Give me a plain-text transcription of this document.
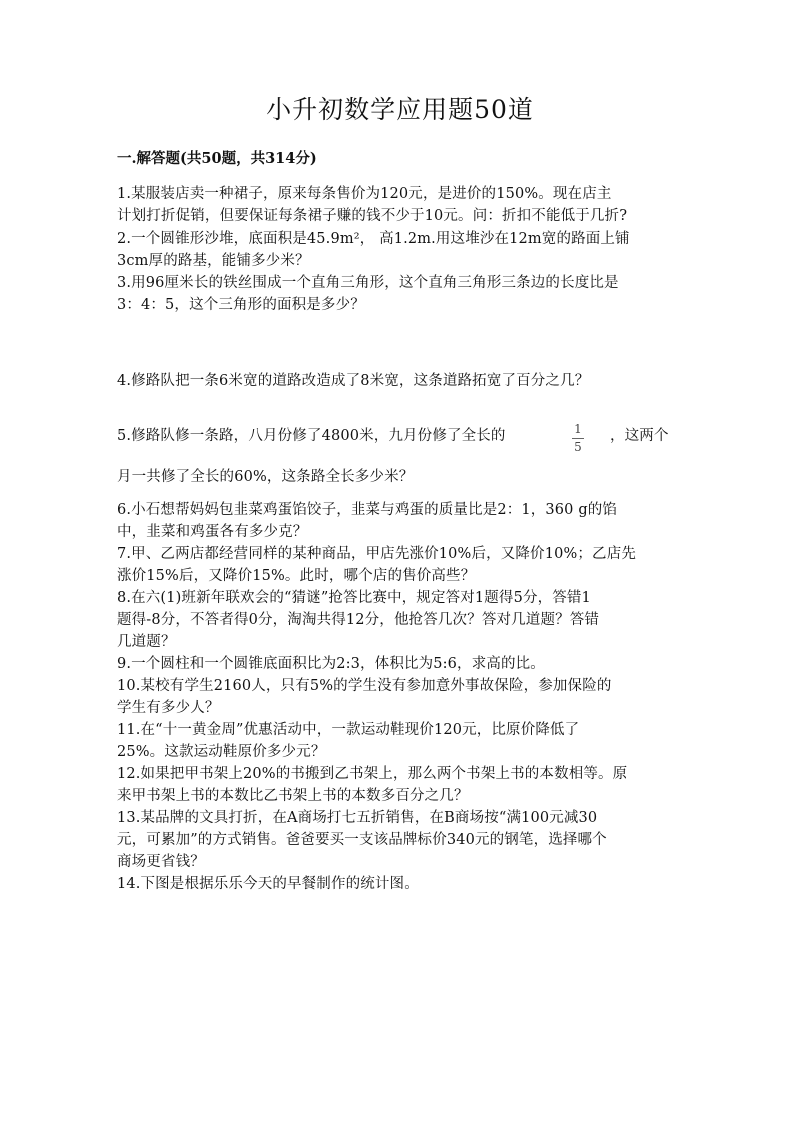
小升初数学应用题50道
一.解答题(共50题，共314分)
1.某服装店卖一种裙子，原来每条售价为120元，是进价的150%。现在店主
计划打折促销，但要保证每条裙子赚的钱不少于10元。问：折扣不能低于几折?
2.一个圆锥形沙堆，底面积是45.9m²， 高1.2m.用这堆沙在12m宽的路面上铺
3cm厚的路基，能铺多少米？
3.用96厘米长的铁丝围成一个直角三角形，这个直角三角形三条边的长度比是
3：4：5，这个三角形的面积是多少？
4.修路队把一条6米宽的道路改造成了8米宽，这条道路拓宽了百分之几？
5.修路队修一条路，八月份修了4800米，九月份修了全长的	1
5
，这两个
月一共修了全长的60%，这条路全长多少米？
6.小石想帮妈妈包韭菜鸡蛋馅饺子，韭菜与鸡蛋的质量比是2：1，360 g的馅
中，韭菜和鸡蛋各有多少克？
7.甲、乙两店都经营同样的某种商品，甲店先涨价10%后，又降价10%；乙店先
涨价15%后，又降价15%。此时，哪个店的售价高些？
8.在六(1)班新年联欢会的“猜谜”抢答比赛中，规定答对1题得5分，答错1
题得-8分，不答者得0分，淘淘共得12分，他抢答几次？答对几道题？答错
几道题？
9.一个圆柱和一个圆锥底面积比为2:3，体积比为5:6，求高的比。
10.某校有学生2160人，只有5%的学生没有参加意外事故保险，参加保险的
学生有多少人？
11.在“十一黄金周”优惠活动中，一款运动鞋现价120元，比原价降低了
25%。这款运动鞋原价多少元？
12.如果把甲书架上20%的书搬到乙书架上，那么两个书架上书的本数相等。原
来甲书架上书的本数比乙书架上书的本数多百分之几？
13.某品牌的文具打折，在A商场打七五折销售，在B商场按“满100元减30
元，可累加”的方式销售。爸爸要买一支该品牌标价340元的钢笔，选择哪个
商场更省钱？
14.下图是根据乐乐今天的早餐制作的统计图。
